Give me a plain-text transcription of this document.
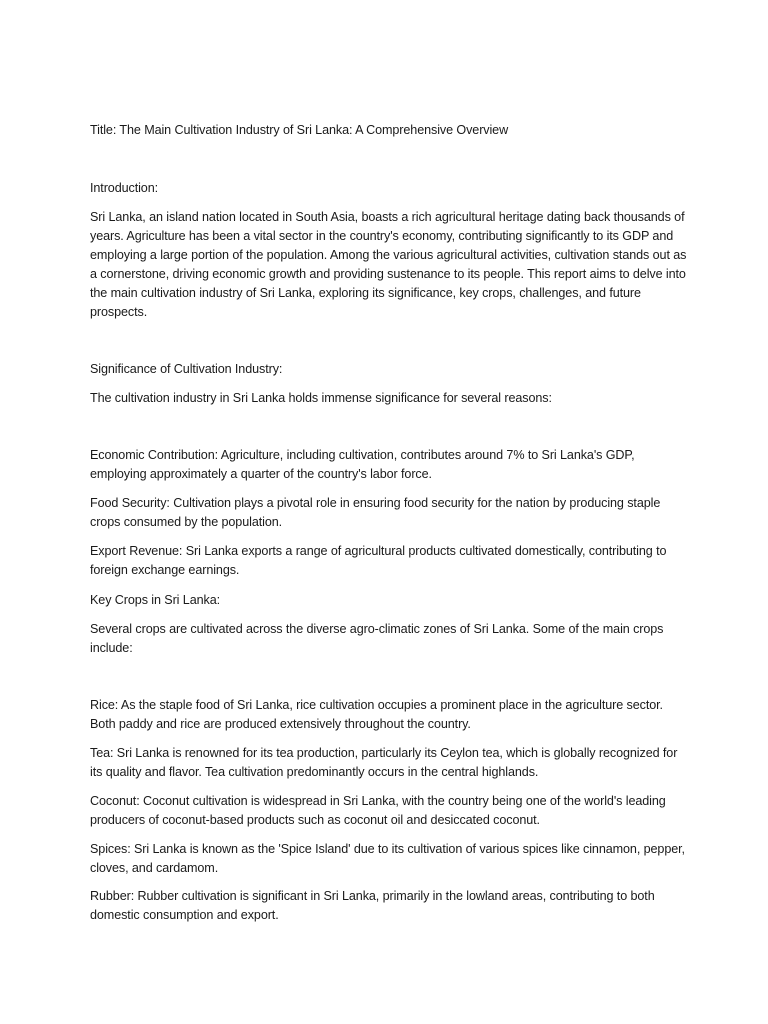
Title: The Main Cultivation Industry of Sri Lanka: A Comprehensive Overview

Introduction:

Sri Lanka, an island nation located in South Asia, boasts a rich agricultural heritage dating back thousands of years. Agriculture has been a vital sector in the country's economy, contributing significantly to its GDP and employing a large portion of the population. Among the various agricultural activities, cultivation stands out as a cornerstone, driving economic growth and providing sustenance to its people. This report aims to delve into the main cultivation industry of Sri Lanka, exploring its significance, key crops, challenges, and future prospects.

Significance of Cultivation Industry:

The cultivation industry in Sri Lanka holds immense significance for several reasons:

Economic Contribution: Agriculture, including cultivation, contributes around 7% to Sri Lanka's GDP, employing approximately a quarter of the country's labor force.

Food Security: Cultivation plays a pivotal role in ensuring food security for the nation by producing staple crops consumed by the population.

Export Revenue: Sri Lanka exports a range of agricultural products cultivated domestically, contributing to foreign exchange earnings.

Key Crops in Sri Lanka:

Several crops are cultivated across the diverse agro-climatic zones of Sri Lanka. Some of the main crops include:

Rice: As the staple food of Sri Lanka, rice cultivation occupies a prominent place in the agriculture sector. Both paddy and rice are produced extensively throughout the country.

Tea: Sri Lanka is renowned for its tea production, particularly its Ceylon tea, which is globally recognized for its quality and flavor. Tea cultivation predominantly occurs in the central highlands.

Coconut: Coconut cultivation is widespread in Sri Lanka, with the country being one of the world's leading producers of coconut-based products such as coconut oil and desiccated coconut.

Spices: Sri Lanka is known as the 'Spice Island' due to its cultivation of various spices like cinnamon, pepper, cloves, and cardamom.

Rubber: Rubber cultivation is significant in Sri Lanka, primarily in the lowland areas, contributing to both domestic consumption and export.
